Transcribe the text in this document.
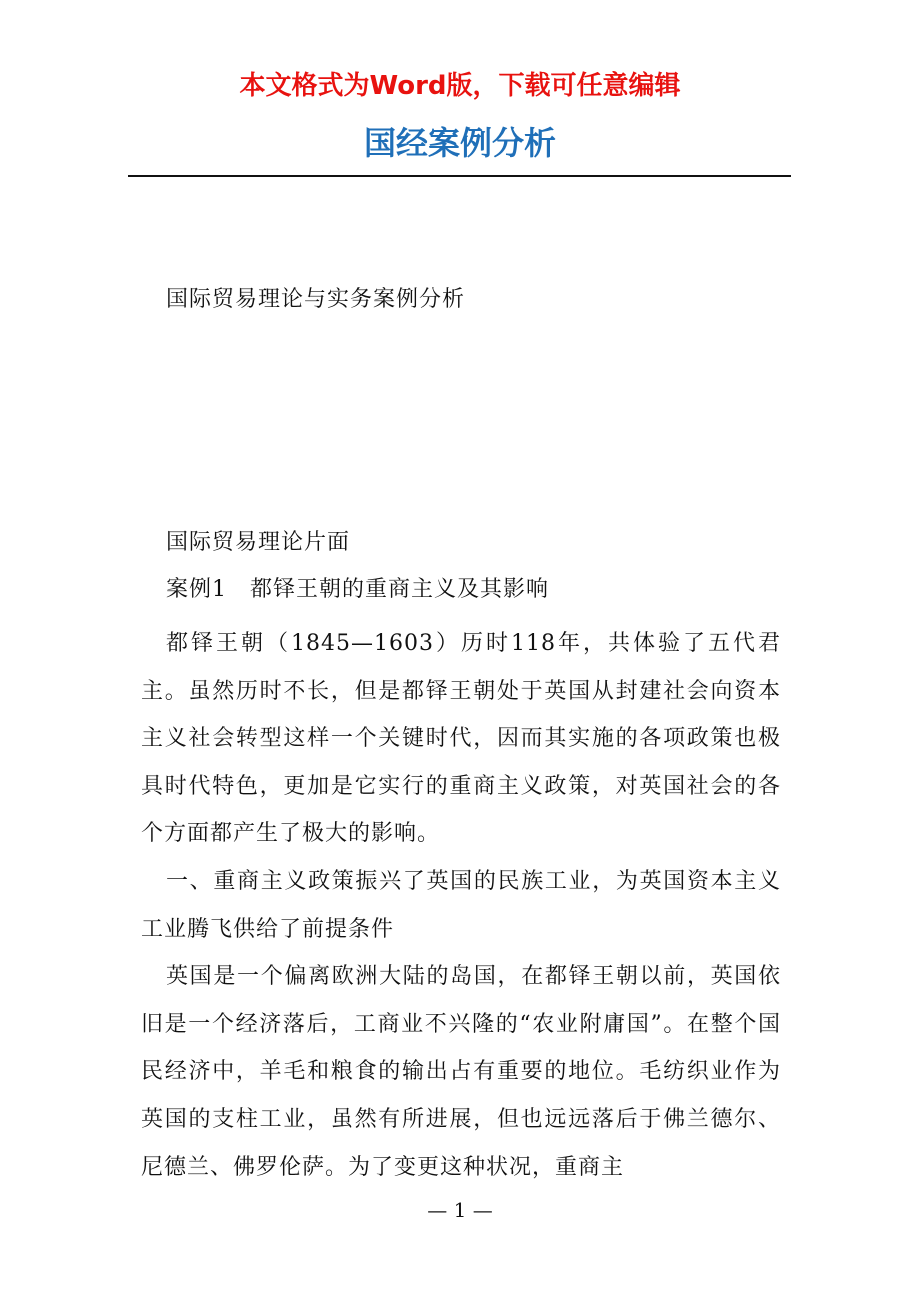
本文格式为Word版，下载可任意编辑
国经案例分析
国际贸易理论与实务案例分析
国际贸易理论片面
案例1　都铎王朝的重商主义及其影响

都铎王朝（1845—1603）历时118年，共体验了五代君主。虽然历时不长，但是都铎王朝处于英国从封建社会向资本主义社会转型这样一个关键时代，因而其实施的各项政策也极具时代特色，更加是它实行的重商主义政策，对英国社会的各个方面都产生了极大的影响。

一、重商主义政策振兴了英国的民族工业，为英国资本主义工业腾飞供给了前提条件

英国是一个偏离欧洲大陆的岛国，在都铎王朝以前，英国依旧是一个经济落后，工商业不兴隆的“农业附庸国”。在整个国民经济中，羊毛和粮食的输出占有重要的地位。毛纺织业作为英国的支柱工业，虽然有所进展，但也远远落后于佛兰德尔、尼德兰、佛罗伦萨。为了变更这种状况，重商主

— 1 —
